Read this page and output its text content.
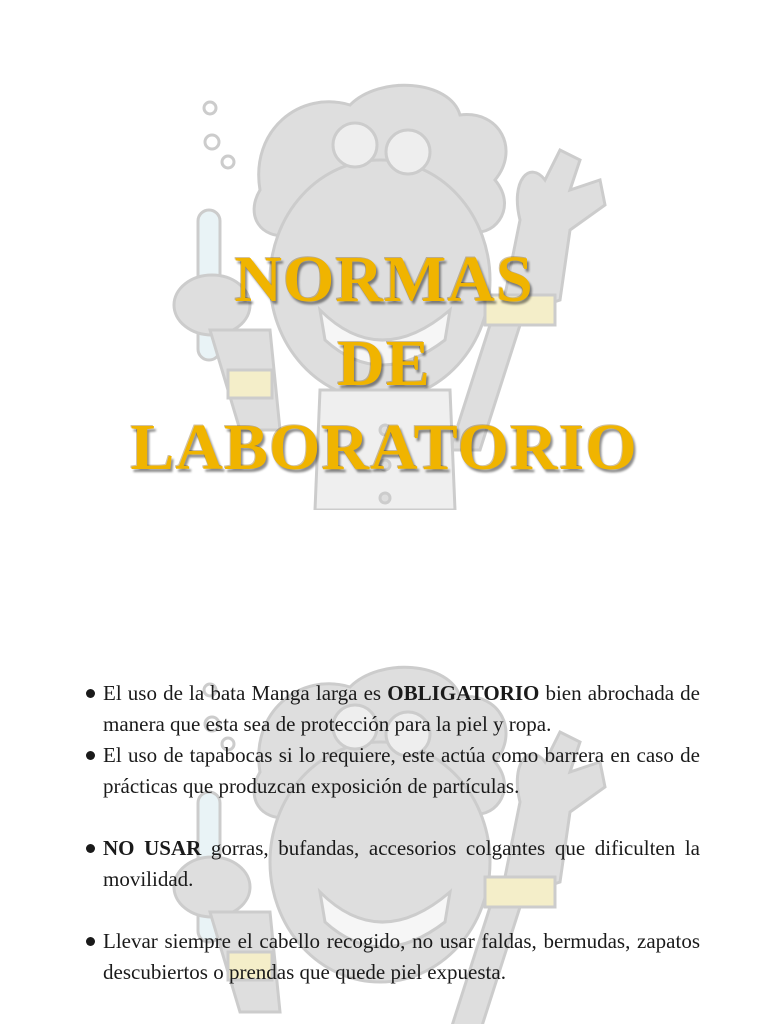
NORMAS
DE
LABORATORIO
El uso de la bata Manga larga es OBLIGATORIO bien abrochada de manera que esta sea de protección para la piel y ropa.
El uso de tapabocas si lo requiere, este actúa como barrera en caso de prácticas que produzcan exposición de partículas.
NO USAR gorras, bufandas, accesorios colgantes que dificulten la movilidad.
Llevar siempre el cabello recogido, no usar faldas, bermudas, zapatos descubiertos o prendas que quede piel expuesta.
